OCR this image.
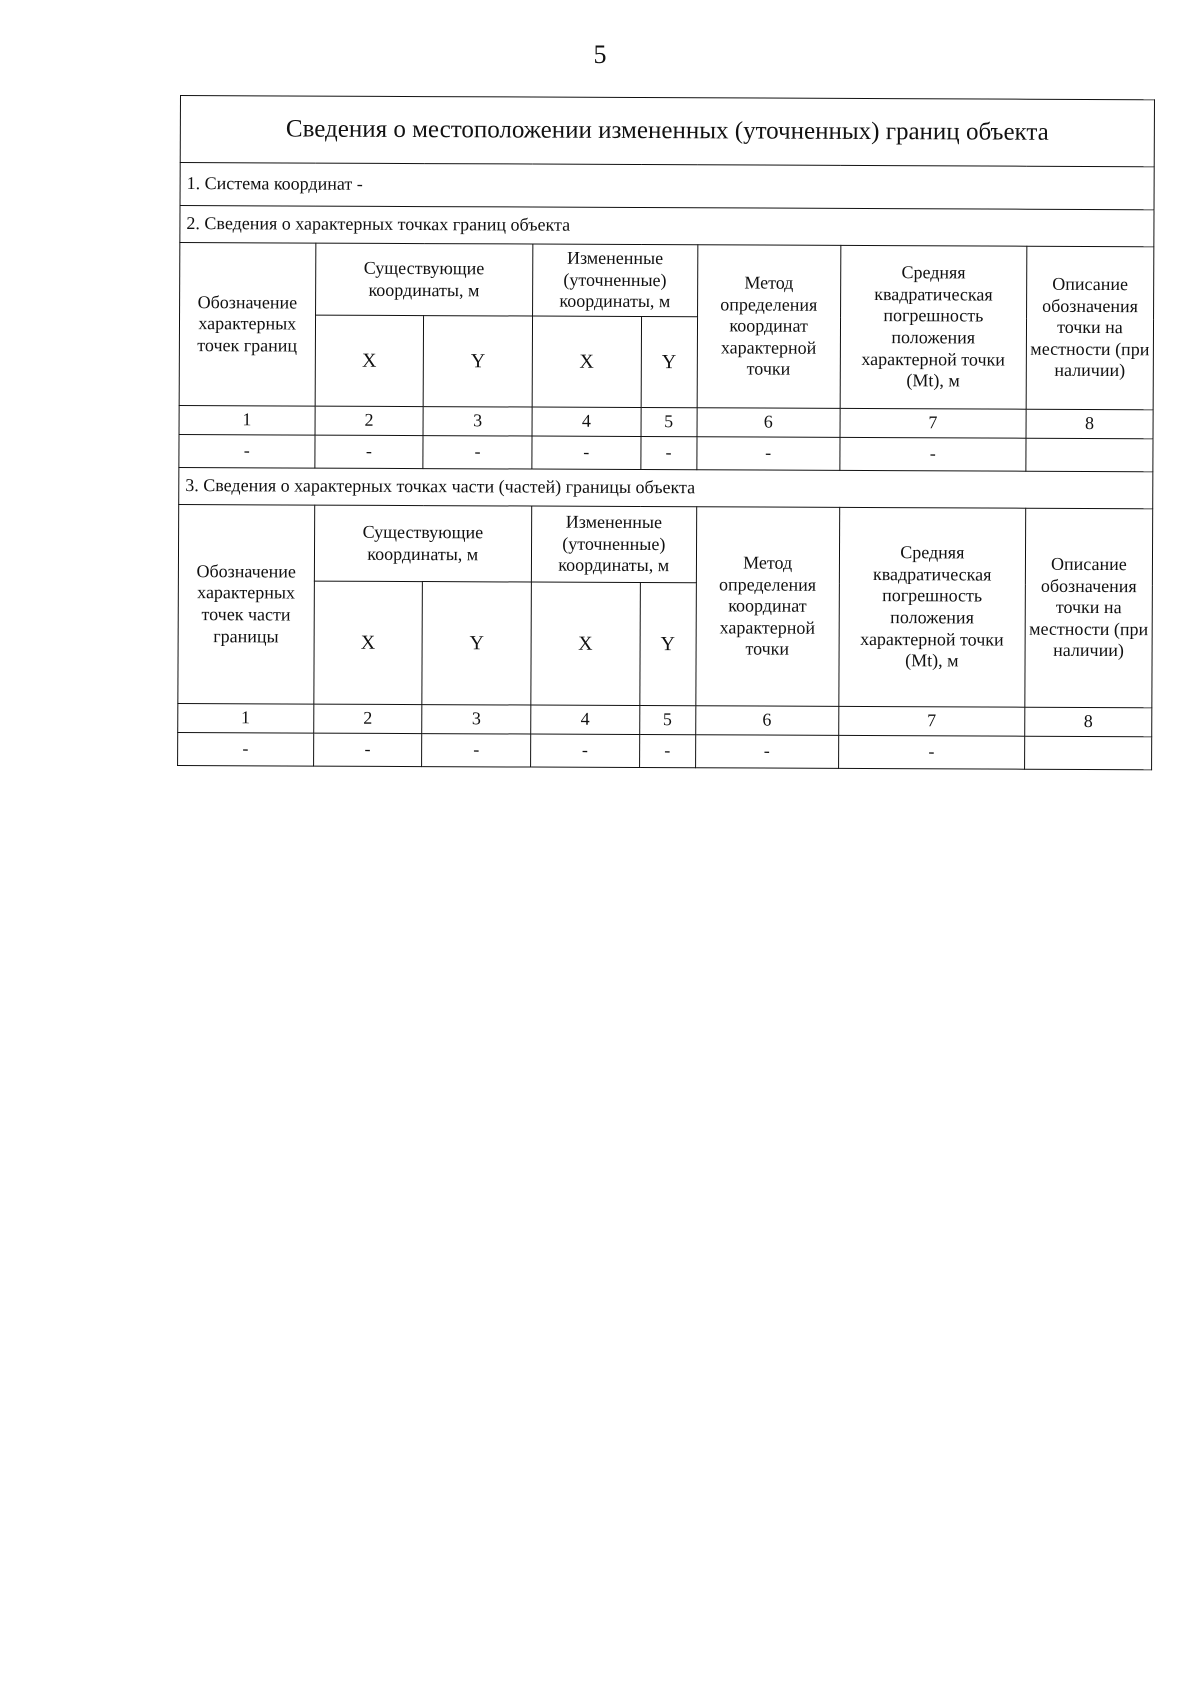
5
Сведения о местоположении измененных (уточненных) границ объекта							
1. Система координат -							
2. Сведения о характерных точках границ объекта							
Обозначение характерных точек границ	Существующие координаты, м		Измененные (уточненные) координаты, м		Метод определения координат характерной точки	Средняя квадратическая погрешность положения характерной точки (Mt), м	Описание обозначения точки на местности (при наличии)
	X	Y	X	Y			
1	2	3	4	5	6	7	8
-	-	-	-	-	-	-	
3. Сведения о характерных точках части (частей) границы объекта							
Обозначение характерных точек части границы	Существующие координаты, м		Измененные (уточненные) координаты, м		Метод определения координат характерной точки	Средняя квадратическая погрешность положения характерной точки (Mt), м	Описание обозначения точки на местности (при наличии)
	X	Y	X	Y			
1	2	3	4	5	6	7	8
-	-	-	-	-	-	-	
